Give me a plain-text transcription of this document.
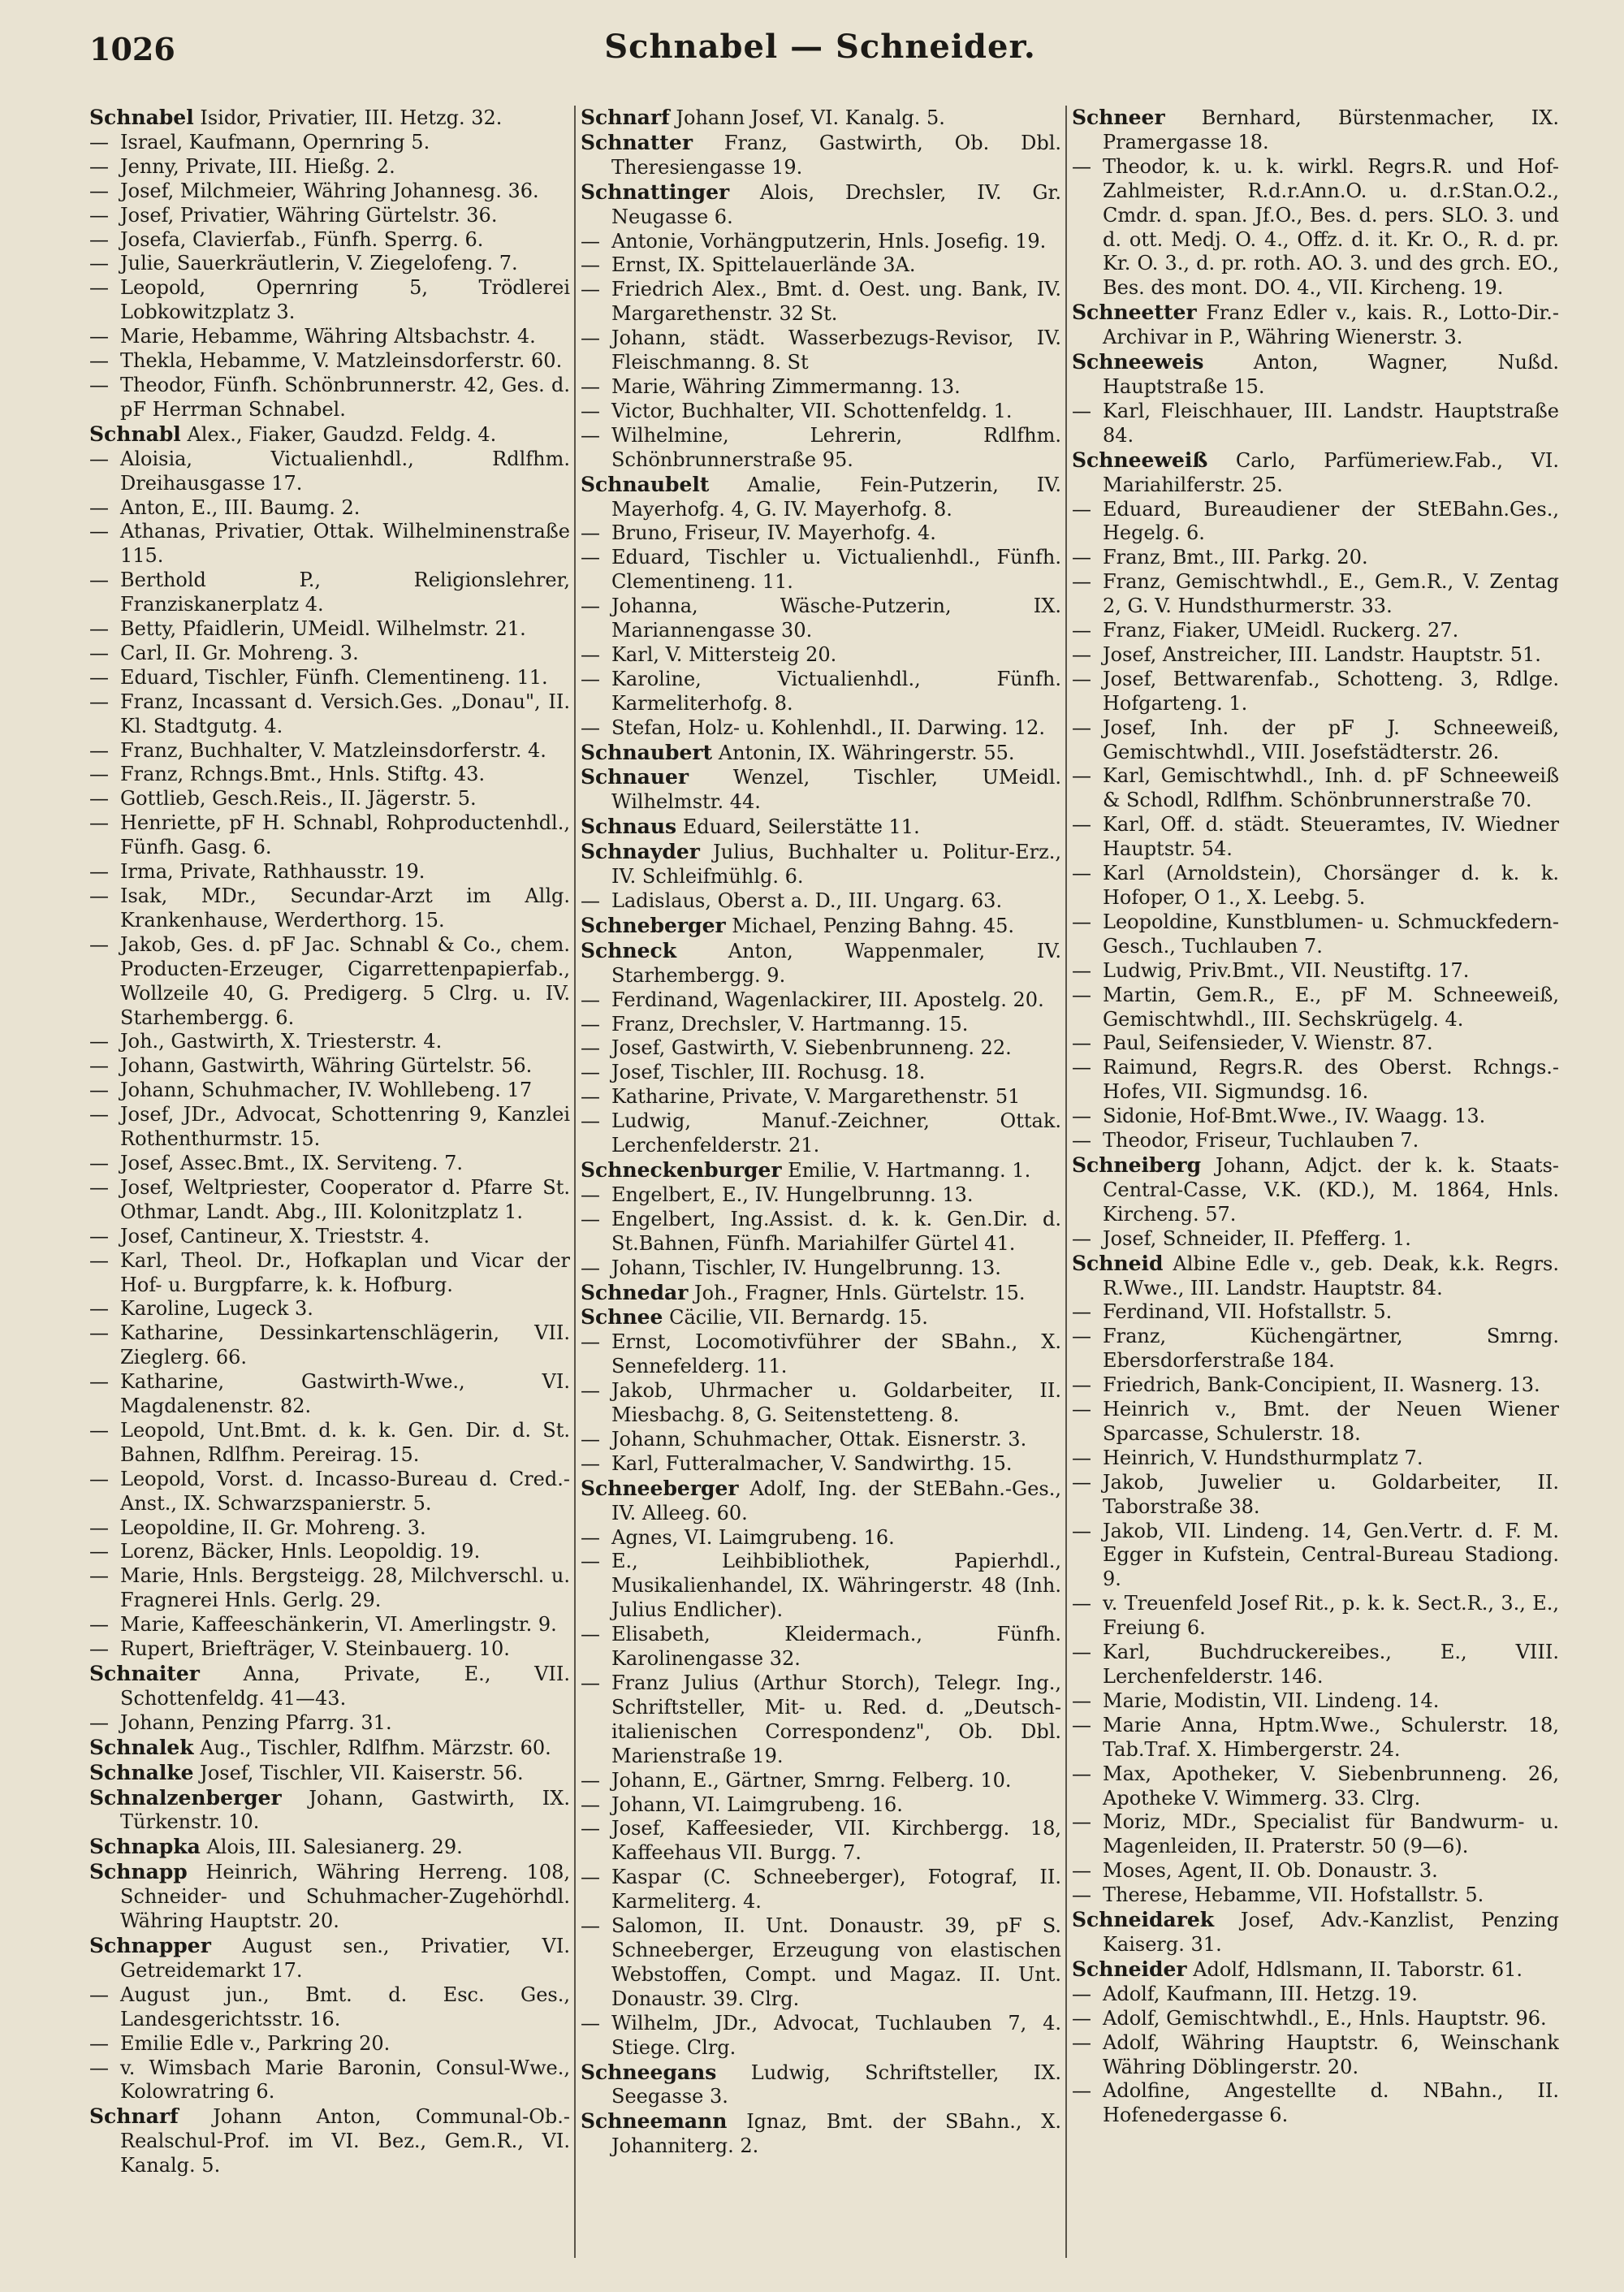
1026	Schnabel — Schneider.
Schnabel Isidor, Privatier, III. Hetzg. 32.
— Israel, Kaufmann, Opernring 5.
— Jenny, Private, III. Hießg. 2.
— Josef, Milchmeier, Währing Johannesg. 36.
— Josef, Privatier, Währing Gürtelstr. 36.
— Josefa, Clavierfab., Fünfh. Sperrg. 6.
— Julie, Sauerkräutlerin, V. Ziegelofeng. 7.
— Leopold, Opernring 5, Trödlerei Lobkowitzplatz 3.
— Marie, Hebamme, Währing Altsbachstr. 4.
— Thekla, Hebamme, V. Matzleinsdorferstr. 60.
— Theodor, Fünfh. Schönbrunnerstr. 42, Ges. d. pF Herrman Schnabel.
Schnabl Alex., Fiaker, Gaudzd. Feldg. 4.
— Aloisia, Victualienhdl., Rdlfhm. Dreihausgasse 17.
— Anton, E., III. Baumg. 2.
— Athanas, Privatier, Ottak. Wilhelminenstraße 115.
— Berthold P., Religionslehrer, Franziskanerplatz 4.
— Betty, Pfaidlerin, UMeidl. Wilhelmstr. 21.
— Carl, II. Gr. Mohreng. 3.
— Eduard, Tischler, Fünfh. Clementineng. 11.
— Franz, Incassant d. Versich.Ges. „Donau", II. Kl. Stadtgutg. 4.
— Franz, Buchhalter, V. Matzleinsdorferstr. 4.
— Franz, Rchngs.Bmt., Hnls. Stiftg. 43.
— Gottlieb, Gesch.Reis., II. Jägerstr. 5.
— Henriette, pF H. Schnabl, Rohproductenhdl., Fünfh. Gasg. 6.
— Irma, Private, Rathhausstr. 19.
— Isak, MDr., Secundar-Arzt im Allg. Krankenhause, Werderthorg. 15.
— Jakob, Ges. d. pF Jac. Schnabl & Co., chem. Producten-Erzeuger, Cigarrettenpapierfab., Wollzeile 40, G. Predigerg. 5 Clrg. u. IV. Starhembergg. 6.
— Joh., Gastwirth, X. Triesterstr. 4.
— Johann, Gastwirth, Währing Gürtelstr. 56.
— Johann, Schuhmacher, IV. Wohllebeng. 17
— Josef, JDr., Advocat, Schottenring 9, Kanzlei Rothenthurmstr. 15.
— Josef, Assec.Bmt., IX. Serviteng. 7.
— Josef, Weltpriester, Cooperator d. Pfarre St. Othmar, Landt. Abg., III. Kolonitzplatz 1.
— Josef, Cantineur, X. Trieststr. 4.
— Karl, Theol. Dr., Hofkaplan und Vicar der Hof- u. Burgpfarre, k. k. Hofburg.
— Karoline, Lugeck 3.
— Katharine, Dessinkartenschlägerin, VII. Zieglerg. 66.
— Katharine, Gastwirth-Wwe., VI. Magdalenenstr. 82.
— Leopold, Unt.Bmt. d. k. k. Gen. Dir. d. St. Bahnen, Rdlfhm. Pereirag. 15.
— Leopold, Vorst. d. Incasso-Bureau d. Cred.-Anst., IX. Schwarzspanierstr. 5.
— Leopoldine, II. Gr. Mohreng. 3.
— Lorenz, Bäcker, Hnls. Leopoldig. 19.
— Marie, Hnls. Bergsteigg. 28, Milchverschl. u. Fragnerei Hnls. Gerlg. 29.
— Marie, Kaffeeschänkerin, VI. Amerlingstr. 9.
— Rupert, Briefträger, V. Steinbauerg. 10.
Schnaiter Anna, Private, E., VII. Schottenfeldg. 41—43.
— Johann, Penzing Pfarrg. 31.
Schnalek Aug., Tischler, Rdlfhm. Märzstr. 60.
Schnalke Josef, Tischler, VII. Kaiserstr. 56.
Schnalzenberger Johann, Gastwirth, IX. Türkenstr. 10.
Schnapka Alois, III. Salesianerg. 29.
Schnapp Heinrich, Währing Herreng. 108, Schneider- und Schuhmacher-Zugehörhdl. Währing Hauptstr. 20.
Schnapper August sen., Privatier, VI. Getreidemarkt 17.
— August jun., Bmt. d. Esc. Ges., Landesgerichtsstr. 16.
— Emilie Edle v., Parkring 20.
— v. Wimsbach Marie Baronin, Consul-Wwe., Kolowratring 6.
Schnarf Johann Anton, Communal-Ob.-Realschul-Prof. im VI. Bez., Gem.R., VI. Kanalg. 5.
Schnarf Johann Josef, VI. Kanalg. 5.
Schnatter Franz, Gastwirth, Ob. Dbl. Theresiengasse 19.
Schnattinger Alois, Drechsler, IV. Gr. Neugasse 6.
— Antonie, Vorhängputzerin, Hnls. Josefig. 19.
— Ernst, IX. Spittelauerlände 3A.
— Friedrich Alex., Bmt. d. Oest. ung. Bank, IV. Margarethenstr. 32 St.
— Johann, städt. Wasserbezugs-Revisor, IV. Fleischmanng. 8. St
— Marie, Währing Zimmermanng. 13.
— Victor, Buchhalter, VII. Schottenfeldg. 1.
— Wilhelmine, Lehrerin, Rdlfhm. Schönbrunnerstraße 95.
Schnaubelt Amalie, Fein-Putzerin, IV. Mayerhofg. 4, G. IV. Mayerhofg. 8.
— Bruno, Friseur, IV. Mayerhofg. 4.
— Eduard, Tischler u. Victualienhdl., Fünfh. Clementineng. 11.
— Johanna, Wäsche-Putzerin, IX. Mariannengasse 30.
— Karl, V. Mittersteig 20.
— Karoline, Victualienhdl., Fünfh. Karmeliterhofg. 8.
— Stefan, Holz- u. Kohlenhdl., II. Darwing. 12.
Schnaubert Antonin, IX. Währingerstr. 55.
Schnauer Wenzel, Tischler, UMeidl. Wilhelmstr. 44.
Schnaus Eduard, Seilerstätte 11.
Schnayder Julius, Buchhalter u. Politur-Erz., IV. Schleifmühlg. 6.
— Ladislaus, Oberst a. D., III. Ungarg. 63.
Schneberger Michael, Penzing Bahng. 45.
Schneck Anton, Wappenmaler, IV. Starhembergg. 9.
— Ferdinand, Wagenlackirer, III. Apostelg. 20.
— Franz, Drechsler, V. Hartmanng. 15.
— Josef, Gastwirth, V. Siebenbrunneng. 22.
— Josef, Tischler, III. Rochusg. 18.
— Katharine, Private, V. Margarethenstr. 51
— Ludwig, Manuf.-Zeichner, Ottak. Lerchenfelderstr. 21.
Schneckenburger Emilie, V. Hartmanng. 1.
— Engelbert, E., IV. Hungelbrunng. 13.
— Engelbert, Ing.Assist. d. k. k. Gen.Dir. d. St.Bahnen, Fünfh. Mariahilfer Gürtel 41.
— Johann, Tischler, IV. Hungelbrunng. 13.
Schnedar Joh., Fragner, Hnls. Gürtelstr. 15.
Schnee Cäcilie, VII. Bernardg. 15.
— Ernst, Locomotivführer der SBahn., X. Sennefelderg. 11.
— Jakob, Uhrmacher u. Goldarbeiter, II. Miesbachg. 8, G. Seitenstetteng. 8.
— Johann, Schuhmacher, Ottak. Eisnerstr. 3.
— Karl, Futteralmacher, V. Sandwirthg. 15.
Schneeberger Adolf, Ing. der StEBahn.-Ges., IV. Alleeg. 60.
— Agnes, VI. Laimgrubeng. 16.
— E., Leihbibliothek, Papierhdl., Musikalienhandel, IX. Währingerstr. 48 (Inh. Julius Endlicher).
— Elisabeth, Kleidermach., Fünfh. Karolinengasse 32.
— Franz Julius (Arthur Storch), Telegr. Ing., Schriftsteller, Mit- u. Red. d. „Deutsch-italienischen Correspondenz", Ob. Dbl. Marienstraße 19.
— Johann, E., Gärtner, Smrng. Felberg. 10.
— Johann, VI. Laimgrubeng. 16.
— Josef, Kaffeesieder, VII. Kirchbergg. 18, Kaffeehaus VII. Burgg. 7.
— Kaspar (C. Schneeberger), Fotograf, II. Karmeliterg. 4.
— Salomon, II. Unt. Donaustr. 39, pF S. Schneeberger, Erzeugung von elastischen Webstoffen, Compt. und Magaz. II. Unt. Donaustr. 39. Clrg.
— Wilhelm, JDr., Advocat, Tuchlauben 7, 4. Stiege. Clrg.
Schneegans Ludwig, Schriftsteller, IX. Seegasse 3.
Schneemann Ignaz, Bmt. der SBahn., X. Johanniterg. 2.
Schneer Bernhard, Bürstenmacher, IX. Pramergasse 18.
— Theodor, k. u. k. wirkl. Regrs.R. und Hof-Zahlmeister, R.d.r.Ann.O. u. d.r.Stan.O.2., Cmdr. d. span. Jf.O., Bes. d. pers. SLO. 3. und d. ott. Medj. O. 4., Offz. d. it. Kr. O., R. d. pr. Kr. O. 3., d. pr. roth. AO. 3. und des grch. EO., Bes. des mont. DO. 4., VII. Kircheng. 19.
Schneetter Franz Edler v., kais. R., Lotto-Dir.-Archivar in P., Währing Wienerstr. 3.
Schneeweis Anton, Wagner, Nußd. Hauptstraße 15.
— Karl, Fleischhauer, III. Landstr. Hauptstraße 84.
Schneeweiß Carlo, Parfümeriew.Fab., VI. Mariahilferstr. 25.
— Eduard, Bureaudiener der StEBahn.Ges., Hegelg. 6.
— Franz, Bmt., III. Parkg. 20.
— Franz, Gemischtwhdl., E., Gem.R., V. Zentag 2, G. V. Hundsthurmerstr. 33.
— Franz, Fiaker, UMeidl. Ruckerg. 27.
— Josef, Anstreicher, III. Landstr. Hauptstr. 51.
— Josef, Bettwarenfab., Schotteng. 3, Rdlge. Hofgarteng. 1.
— Josef, Inh. der pF J. Schneeweiß, Gemischtwhdl., VIII. Josefstädterstr. 26.
— Karl, Gemischtwhdl., Inh. d. pF Schneeweiß & Schodl, Rdlfhm. Schönbrunnerstraße 70.
— Karl, Off. d. städt. Steueramtes, IV. Wiedner Hauptstr. 54.
— Karl (Arnoldstein), Chorsänger d. k. k. Hofoper, O 1., X. Leebg. 5.
— Leopoldine, Kunstblumen- u. Schmuckfedern-Gesch., Tuchlauben 7.
— Ludwig, Priv.Bmt., VII. Neustiftg. 17.
— Martin, Gem.R., E., pF M. Schneeweiß, Gemischtwhdl., III. Sechskrügelg. 4.
— Paul, Seifensieder, V. Wienstr. 87.
— Raimund, Regrs.R. des Oberst. Rchngs.-Hofes, VII. Sigmundsg. 16.
— Sidonie, Hof-Bmt.Wwe., IV. Waagg. 13.
— Theodor, Friseur, Tuchlauben 7.
Schneiberg Johann, Adjct. der k. k. Staats-Central-Casse, V.K. (KD.), M. 1864, Hnls. Kircheng. 57.
— Josef, Schneider, II. Pfefferg. 1.
Schneid Albine Edle v., geb. Deak, k.k. Regrs. R.Wwe., III. Landstr. Hauptstr. 84.
— Ferdinand, VII. Hofstallstr. 5.
— Franz, Küchengärtner, Smrng. Ebersdorferstraße 184.
— Friedrich, Bank-Concipient, II. Wasnerg. 13.
— Heinrich v., Bmt. der Neuen Wiener Sparcasse, Schulerstr. 18.
— Heinrich, V. Hundsthurmplatz 7.
— Jakob, Juwelier u. Goldarbeiter, II. Taborstraße 38.
— Jakob, VII. Lindeng. 14, Gen.Vertr. d. F. M. Egger in Kufstein, Central-Bureau Stadiong. 9.
— v. Treuenfeld Josef Rit., p. k. k. Sect.R., 3., E., Freiung 6.
— Karl, Buchdruckereibes., E., VIII. Lerchenfelderstr. 146.
— Marie, Modistin, VII. Lindeng. 14.
— Marie Anna, Hptm.Wwe., Schulerstr. 18, Tab.Traf. X. Himbergerstr. 24.
— Max, Apotheker, V. Siebenbrunneng. 26, Apotheke V. Wimmerg. 33. Clrg.
— Moriz, MDr., Specialist für Bandwurm- u. Magenleiden, II. Praterstr. 50 (9—6).
— Moses, Agent, II. Ob. Donaustr. 3.
— Therese, Hebamme, VII. Hofstallstr. 5.
Schneidarek Josef, Adv.-Kanzlist, Penzing Kaiserg. 31.
Schneider Adolf, Hdlsmann, II. Taborstr. 61.
— Adolf, Kaufmann, III. Hetzg. 19.
— Adolf, Gemischtwhdl., E., Hnls. Hauptstr. 96.
— Adolf, Währing Hauptstr. 6, Weinschank Währing Döblingerstr. 20.
— Adolfine, Angestellte d. NBahn., II. Hofenedergasse 6.
